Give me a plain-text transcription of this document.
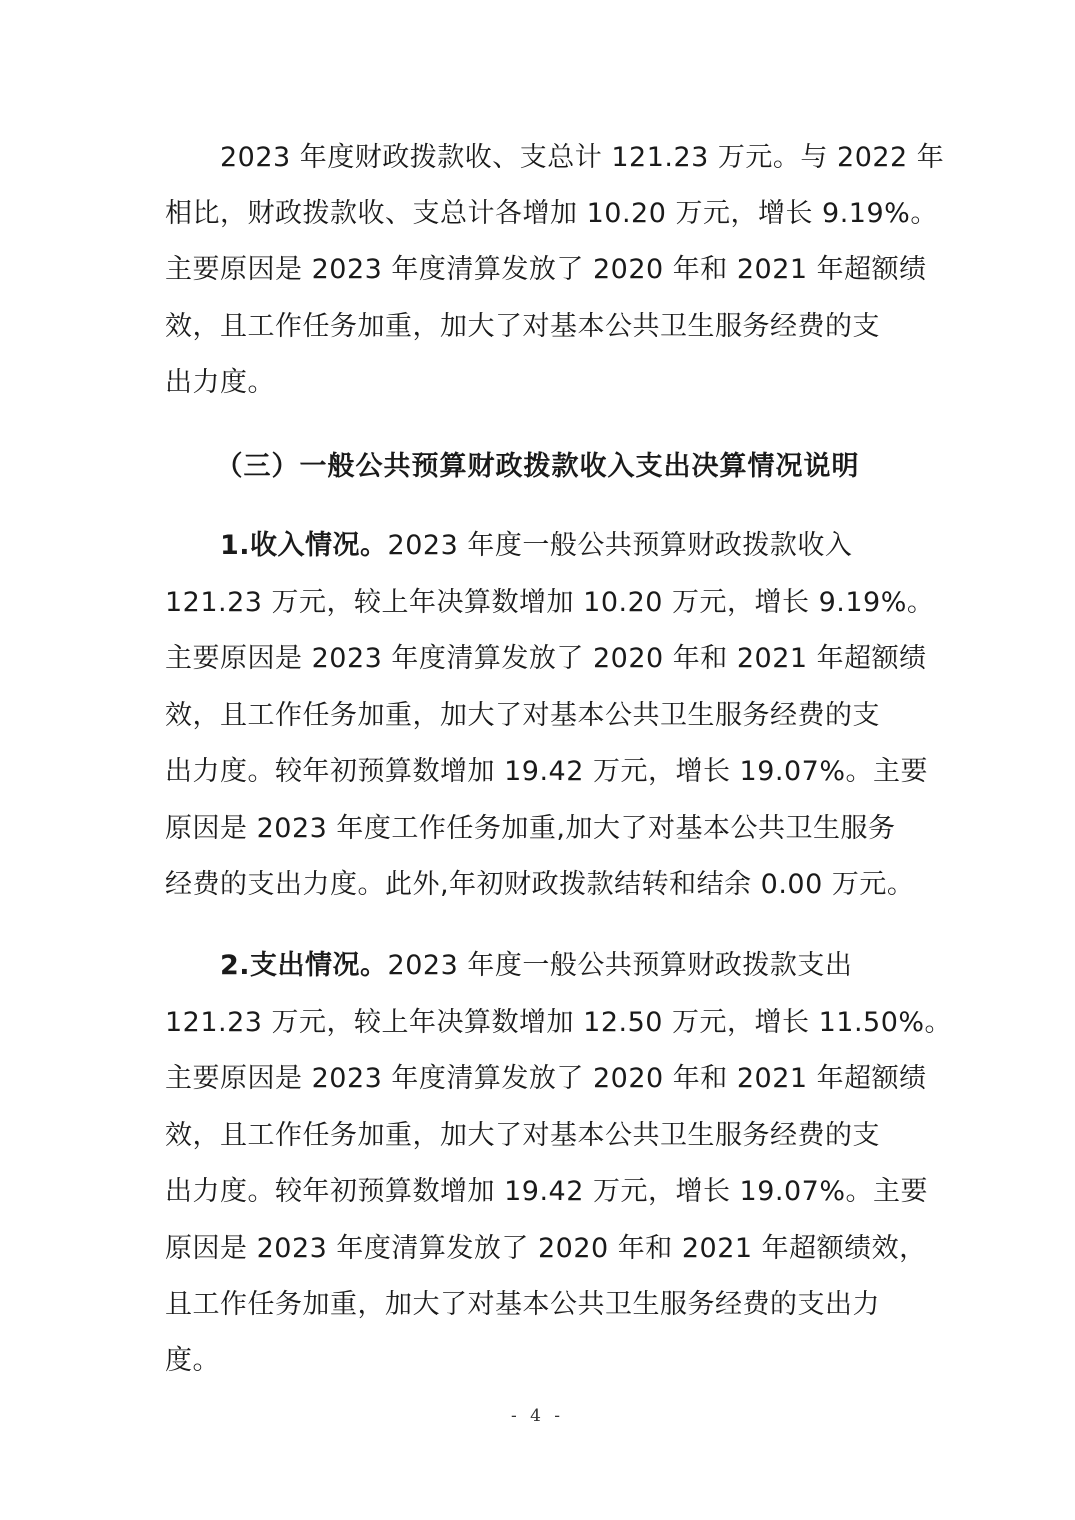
2023 年度财政拨款收、支总计 121.23 万元。与 2022 年
相比，财政拨款收、支总计各增加 10.20 万元，增长 9.19%。
主要原因是 2023 年度清算发放了 2020 年和 2021 年超额绩
效，且工作任务加重，加大了对基本公共卫生服务经费的支
出力度。
（三）一般公共预算财政拨款收入支出决算情况说明
1.收入情况。2023 年度一般公共预算财政拨款收入
121.23 万元，较上年决算数增加 10.20 万元，增长 9.19%。
主要原因是 2023 年度清算发放了 2020 年和 2021 年超额绩
效，且工作任务加重，加大了对基本公共卫生服务经费的支
出力度。较年初预算数增加 19.42 万元，增长 19.07%。主要
原因是 2023 年度工作任务加重,加大了对基本公共卫生服务
经费的支出力度。此外,年初财政拨款结转和结余 0.00 万元。
2.支出情况。2023 年度一般公共预算财政拨款支出
121.23 万元，较上年决算数增加 12.50 万元，增长 11.50%。
主要原因是 2023 年度清算发放了 2020 年和 2021 年超额绩
效，且工作任务加重，加大了对基本公共卫生服务经费的支
出力度。较年初预算数增加 19.42 万元，增长 19.07%。主要
原因是 2023 年度清算发放了 2020 年和 2021 年超额绩效，
且工作任务加重，加大了对基本公共卫生服务经费的支出力
度。
- 4 -
